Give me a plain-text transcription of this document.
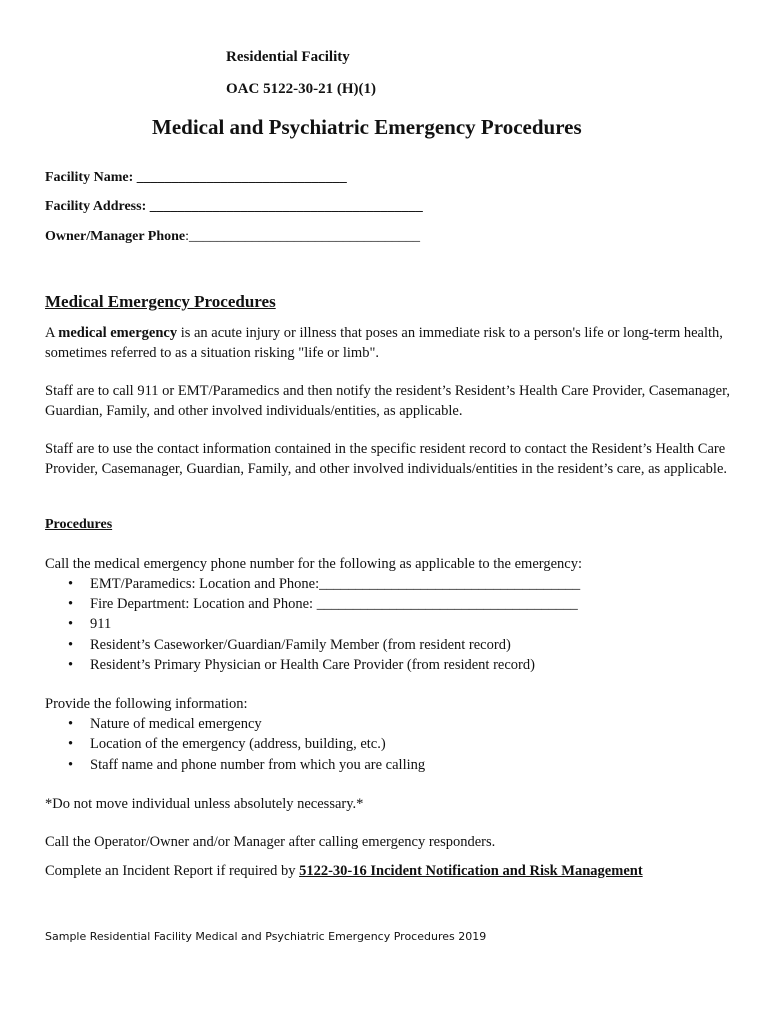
Residential Facility
OAC 5122-30-21 (H)(1)
Medical and Psychiatric Emergency Procedures
Facility Name: ______________________________
Facility Address: _______________________________________
Owner/Manager Phone:_________________________________
Medical Emergency Procedures
A medical emergency is an acute injury or illness that poses an immediate risk to a person's life or long-term health, sometimes referred to as a situation risking "life or limb".
Staff are to call 911 or EMT/Paramedics and then notify the resident’s Resident’s Health Care Provider, Casemanager, Guardian, Family, and other involved individuals/entities, as applicable.
Staff are to use the contact information contained in the specific resident record to contact the Resident’s Health Care Provider, Casemanager, Guardian, Family, and other involved individuals/entities in the resident’s care, as applicable.
Procedures
Call the medical emergency phone number for the following as applicable to the emergency:
• EMT/Paramedics: Location and Phone:____________________________________
• Fire Department: Location and Phone: ____________________________________
• 911
• Resident’s Caseworker/Guardian/Family Member (from resident record)
• Resident’s Primary Physician or Health Care Provider (from resident record)
Provide the following information:
• Nature of medical emergency
• Location of the emergency (address, building, etc.)
• Staff name and phone number from which you are calling
*Do not move individual unless absolutely necessary.*
Call the Operator/Owner and/or Manager after calling emergency responders.
Complete an Incident Report if required by 5122-30-16 Incident Notification and Risk Management
Sample Residential Facility Medical and Psychiatric Emergency Procedures 2019
